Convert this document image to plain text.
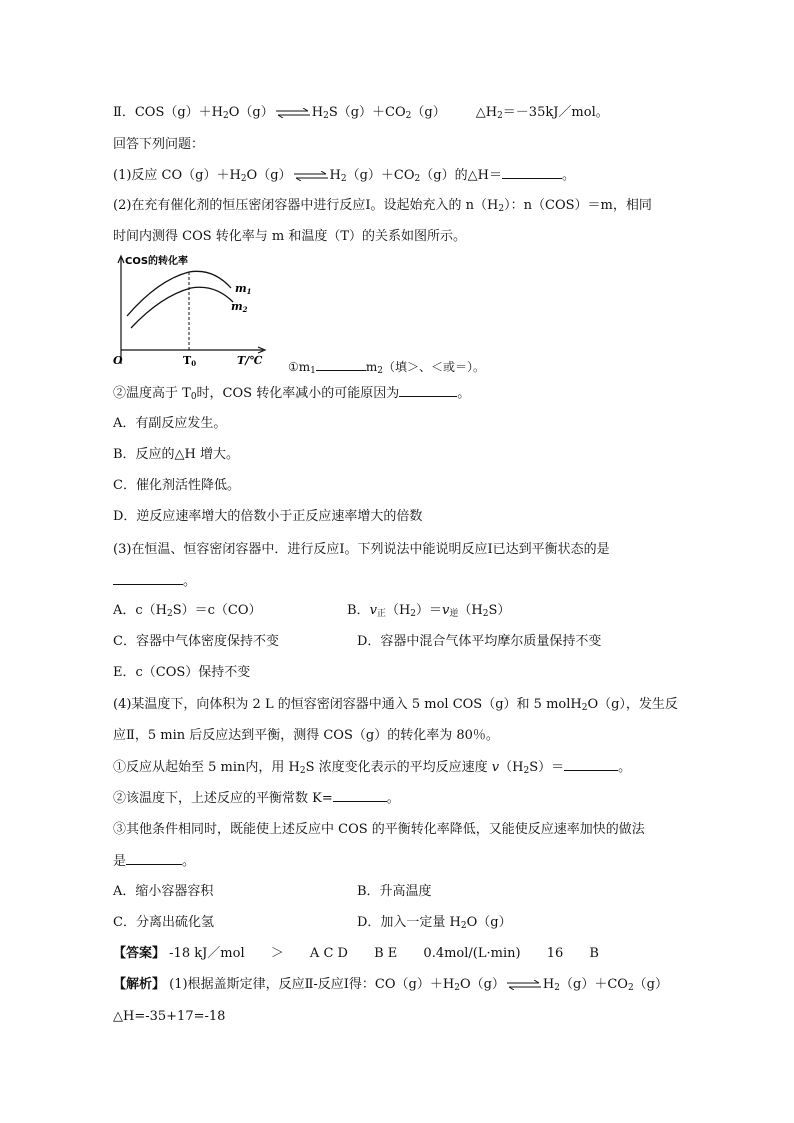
Ⅱ．$COS(g)+H_2O(g)$ ⇌ $H_2S(g)+CO_2(g)$ $\triangle H_2=-35kJ/mol$。
回答下列问题：
(1)反应 $CO(g)+H_2O(g)$ ⇌ $H_2(g)+CO_2(g)$的△H＝	。
(2)在充有催化剂的恒压密闭容器中进行反应Ⅰ。设起始充入的 $n(H_2)$：n（COS）＝m，相同
时间内测得 COS 转化率与 m 和温度（T）的关系如图所示。
COS的转化率
O	T0	T/℃
m1
m2
$①m_1$	$m_2$（填＞、＜或＝）。
②温度高于 $T_0$时，COS 转化率减小的可能原因为	。
A．有副反应发生。
B．反应的△H 增大。
C．催化剂活性降低。
D．逆反应速率增大的倍数小于正反应速率增大的倍数
(3)在恒温、恒容密闭容器中．进行反应Ⅰ。下列说法中能说明反应Ⅰ已达到平衡状态的是
。
A．$c(H_2S)=c(CO)$	B．$v_正(H_2)=v_逆(H_2S)$
C．容器中气体密度保持不变	D．容器中混合气体平均摩尔质量保持不变
E．c（COS）保持不变
(4)某温度下，向体积为 2 L 的恒容密闭容器中通入 5 mol COS（g）和 5 molH$_2$O（g），发生反
应Ⅱ，5 min 后反应达到平衡，测得 COS（g）的转化率为 80％。
①反应从起始至 5 min内，用 $H_2S$ 浓度变化表示的平均反应速度 $v(H_2S)=$	。
②该温度下，上述反应的平衡常数 K=	。
③其他条件相同时，既能使上述反应中 COS 的平衡转化率降低，又能使反应速率加快的做法
是	。
A．缩小容器容积	B．升高温度
C．分离出硫化氢	D．加入一定量 $H_2O(g)$
【答案】 -18 kJ／mol ＞ A C D B E 0.4mol/(L·min) 16 B
【解析】 (1)根据盖斯定律，反应Ⅱ-反应Ⅰ得：$CO(g)+H_2O(g)$ ⇌ $H_2(g)+CO_2(g)$
△H=-35+17=-18
